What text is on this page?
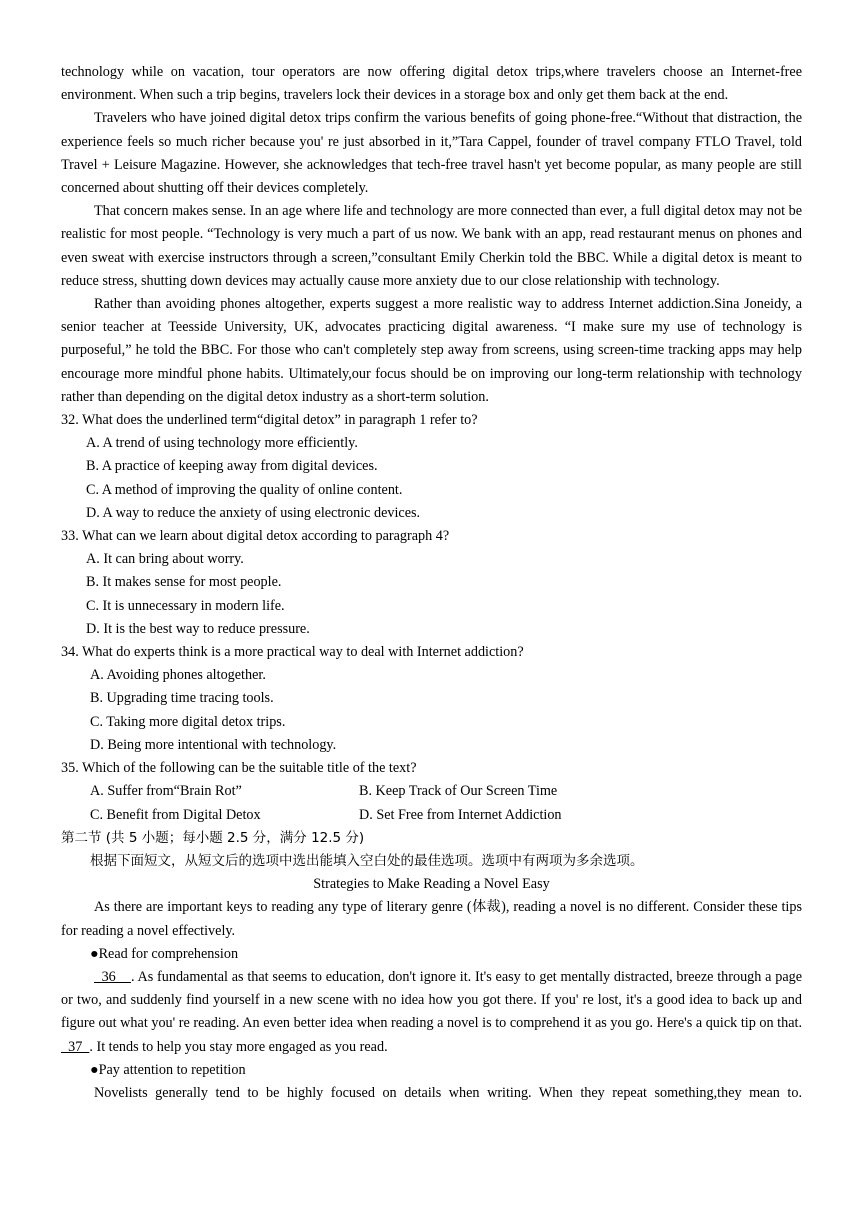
technology while on vacation, tour operators are now offering digital detox trips,where travelers choose an Internet-free environment. When such a trip begins, travelers lock their devices in a storage box and only get them back at the end.

Travelers who have joined digital detox trips confirm the various benefits of going phone-free.“Without that distraction, the experience feels so much richer because you' re just absorbed in it,”Tara Cappel, founder of travel company FTLO Travel, told Travel + Leisure Magazine. However, she acknowledges that tech-free travel hasn't yet become popular, as many people are still concerned about shutting off their devices completely.

That concern makes sense. In an age where life and technology are more connected than ever, a full digital detox may not be realistic for most people. “Technology is very much a part of us now. We bank with an app, read restaurant menus on phones and even sweat with exercise instructors through a screen,”consultant Emily Cherkin told the BBC. While a digital detox is meant to reduce stress, shutting down devices may actually cause more anxiety due to our close relationship with technology.

Rather than avoiding phones altogether, experts suggest a more realistic way to address Internet addiction.Sina Joneidy, a senior teacher at Teesside University, UK, advocates practicing digital awareness. “I make sure my use of technology is purposeful,” he told the BBC. For those who can't completely step away from screens, using screen-time tracking apps may help encourage more mindful phone habits. Ultimately,our focus should be on improving our long-term relationship with technology rather than depending on the digital detox industry as a short-term solution.

32. What does the underlined term“digital detox” in paragraph 1 refer to?

A. A trend of using technology more efficiently.

B. A practice of keeping away from digital devices.

C. A method of improving the quality of online content.

D. A way to reduce the anxiety of using electronic devices.

33. What can we learn about digital detox according to paragraph 4?

A. It can bring about worry.

B. It makes sense for most people.

C. It is unnecessary in modern life.

D. It is the best way to reduce pressure.

34. What do experts think is a more practical way to deal with Internet addiction?

A. Avoiding phones altogether.

B. Upgrading time tracing tools.

C. Taking more digital detox trips.

D. Being more intentional with technology.

35. Which of the following can be the suitable title of the text?

A. Suffer from“Brain Rot”	B. Keep Track of Our Screen Time
C. Benefit from Digital Detox	D. Set Free from Internet Addiction

第二节 (共 5 小题；每小题 2.5 分，满分 12.5 分)

根据下面短文，从短文后的选项中选出能填入空白处的最佳选项。选项中有两项为多余选项。

Strategies to Make Reading a Novel Easy

As there are important keys to reading any type of literary genre (体裁), reading a novel is no different. Consider these tips for reading a novel effectively.

●Read for comprehension

36    . As fundamental as that seems to education, don't ignore it. It's easy to get mentally distracted, breeze through a page or two, and suddenly find yourself in a new scene with no idea how you got there. If you' re lost, it's a good idea to back up and figure out what you' re reading. An even better idea when reading a novel is to comprehend it as you go. Here's a quick tip on that.   37  . It tends to help you stay more engaged as you read.

●Pay attention to repetition

Novelists generally tend to be highly focused on details when writing. When they repeat something,they mean to.
